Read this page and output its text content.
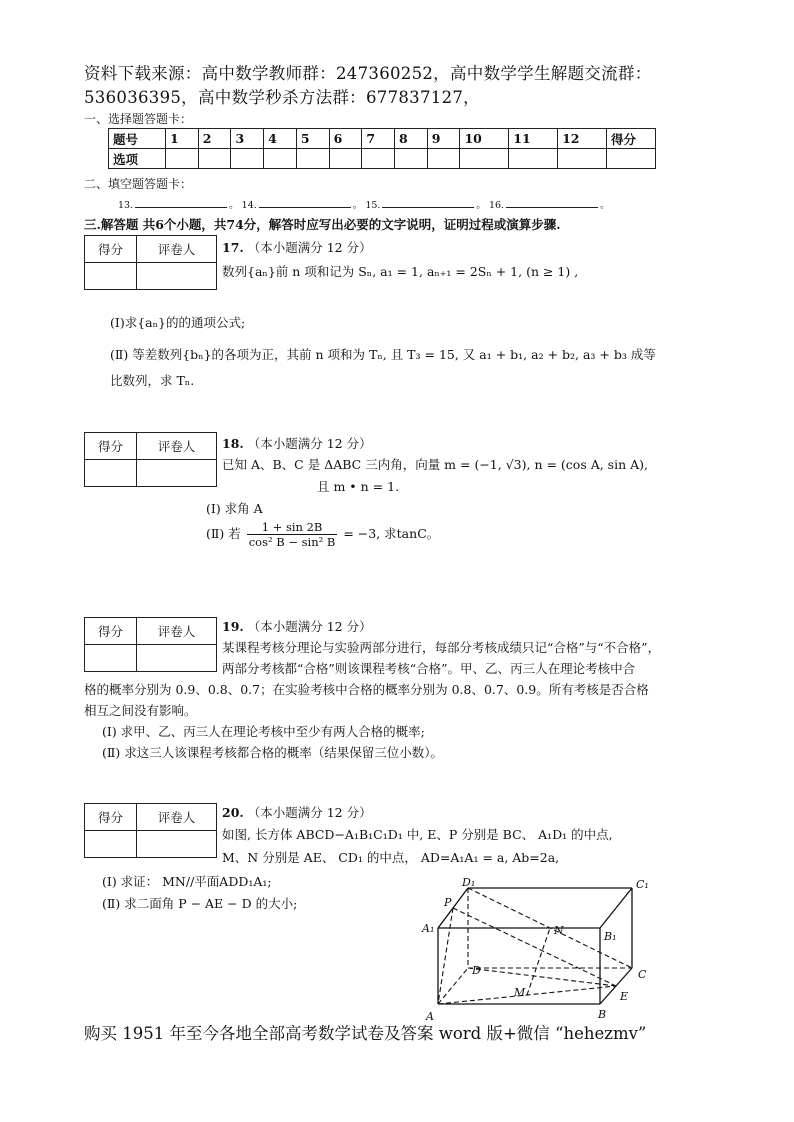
资料下载来源：高中数学教师群：247360252，高中数学学生解题交流群：
536036395，高中数学秒杀方法群：677837127，
一、选择题答题卡：
题号	1	2	3	4	5	6	7	8	9	10	11	12	得分
选项													
二、填空题答题卡：
13.	。 14.	。 15.	。 16.	。
三.解答题 共6个小题，共74分，解答时应写出必要的文字说明，证明过程或演算步骤.
得分	评卷人
	17. （本小题满分 12 分）
数列{aₙ}前 n 项和记为 Sₙ, a₁ = 1, aₙ₊₁ = 2Sₙ + 1, (n ≥ 1) ,
(Ⅰ)求{aₙ}的的通项公式;
(Ⅱ) 等差数列{bₙ}的各项为正，其前 n 项和为 Tₙ, 且 T₃ = 15, 又 a₁ + b₁, a₂ + b₂, a₃ + b₃ 成等
比数列，求 Tₙ.
得分	评卷人
	18. （本小题满分 12 分）
已知 A、B、C 是 ΔABC 三内角，向量 m = (−1, √3), n = (cos A, sin A),
且 m • n = 1.
(Ⅰ) 求角 A
(Ⅱ) 若 $\frac{1 + \sin 2B}{\text{cos² B − sin² B}} = -3$, 求tanC。
得分	评卷人
	19. （本小题满分 12 分）
某课程考核分理论与实验两部分进行，每部分考核成绩只记“合格”与“不合格”，
两部分考核都“合格”则该课程考核“合格”。甲、乙、丙三人在理论考核中合
格的概率分别为 0.9、0.8、0.7；在实验考核中合格的概率分别为 0.8、0.7、0.9。所有考核是否合格
相互之间没有影响。
(Ⅰ) 求甲、乙、丙三人在理论考核中至少有两人合格的概率;
(Ⅱ) 求这三人该课程考核都合格的概率（结果保留三位小数）。
得分	评卷人
	20. （本小题满分 12 分）
如图, 长方体 ABCD−A₁B₁C₁D₁ 中, E、P 分别是 BC、 A₁D₁ 的中点,
M、N 分别是 AE、 CD₁ 的中点， AD=A₁A₁ = a, Ab=2a,
(Ⅰ) 求证： MN//平面ADD₁A₁;
(Ⅱ) 求二面角 P − AE − D 的大小;
D₁	C₁
P
A₁
B₁
N
D	C
M	E
A	B
购买 1951 年至今各地全部高考数学试卷及答案 word 版+微信 “hehezmv”
